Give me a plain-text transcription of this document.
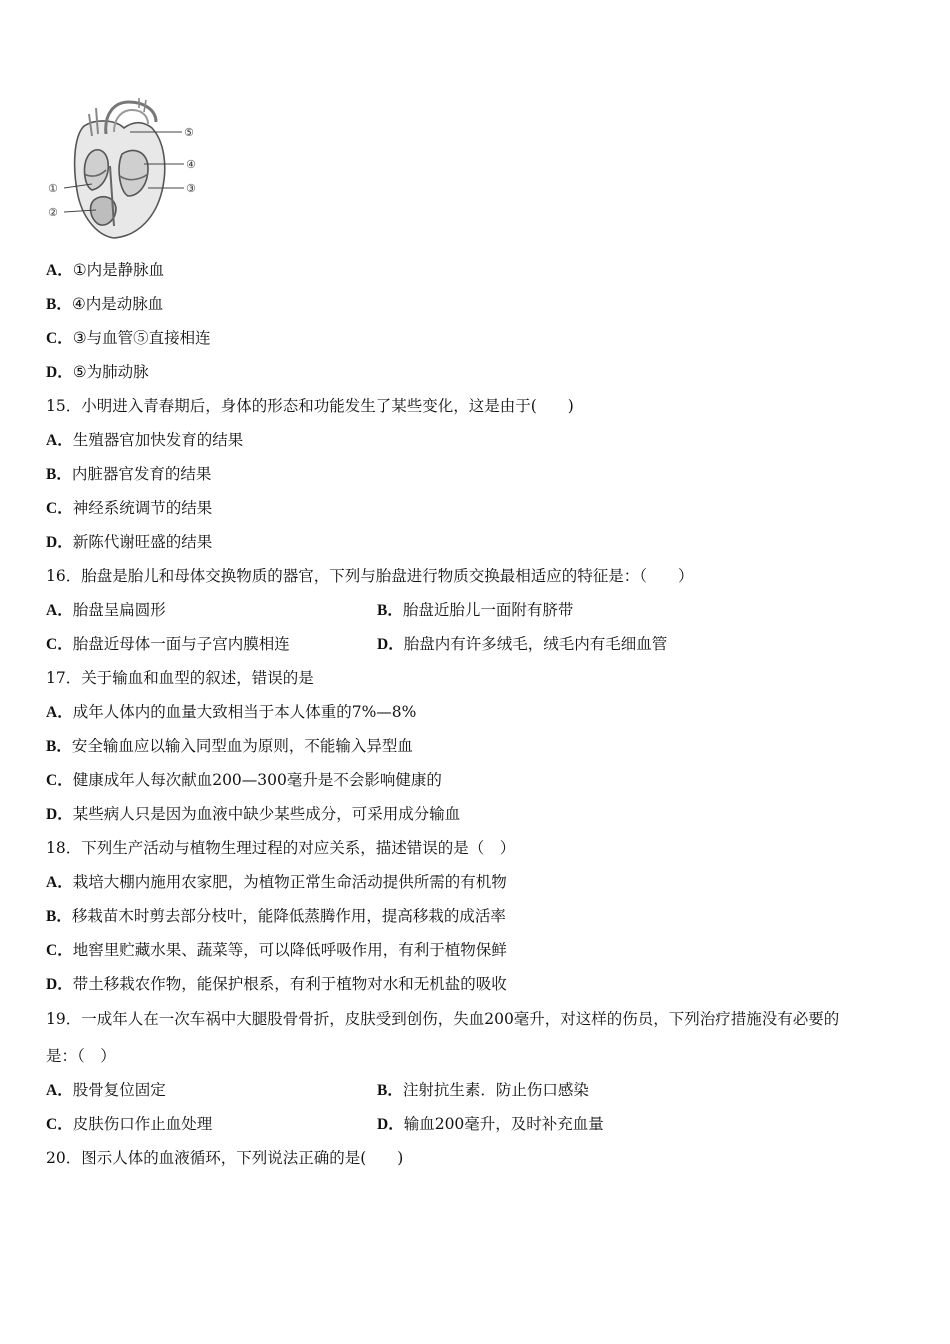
①
②
⑤
④
③
A．①内是静脉血
B．④内是动脉血
C．③与血管⑤直接相连
D．⑤为肺动脉
15．小明进入青春期后，身体的形态和功能发生了某些变化，这是由于(　　)
A．生殖器官加快发育的结果
B．内脏器官发育的结果
C．神经系统调节的结果
D．新陈代谢旺盛的结果
16．胎盘是胎儿和母体交换物质的器官，下列与胎盘进行物质交换最相适应的特征是：（　　）
A．胎盘呈扁圆形	B．胎盘近胎儿一面附有脐带
C．胎盘近母体一面与子宫内膜相连	D．胎盘内有许多绒毛，绒毛内有毛细血管
17．关于输血和血型的叙述，错误的是
A．成年人体内的血量大致相当于本人体重的7%—8%
B．安全输血应以输入同型血为原则，不能输入异型血
C．健康成年人每次献血200—300毫升是不会影响健康的
D．某些病人只是因为血液中缺少某些成分，可采用成分输血
18．下列生产活动与植物生理过程的对应关系，描述错误的是（　）
A．栽培大棚内施用农家肥，为植物正常生命活动提供所需的有机物
B．移栽苗木时剪去部分枝叶，能降低蒸腾作用，提高移栽的成活率
C．地窖里贮藏水果、蔬菜等，可以降低呼吸作用，有利于植物保鲜
D．带土移栽农作物，能保护根系，有利于植物对水和无机盐的吸收
19．一成年人在一次车祸中大腿股骨骨折，皮肤受到创伤，失血200毫升，对这样的伤员，下列治疗措施没有必要的
是：（　）
A．股骨复位固定	B．注射抗生素．防止伤口感染
C．皮肤伤口作止血处理	D．输血200毫升，及时补充血量
20．图示人体的血液循环，下列说法正确的是(　　)
